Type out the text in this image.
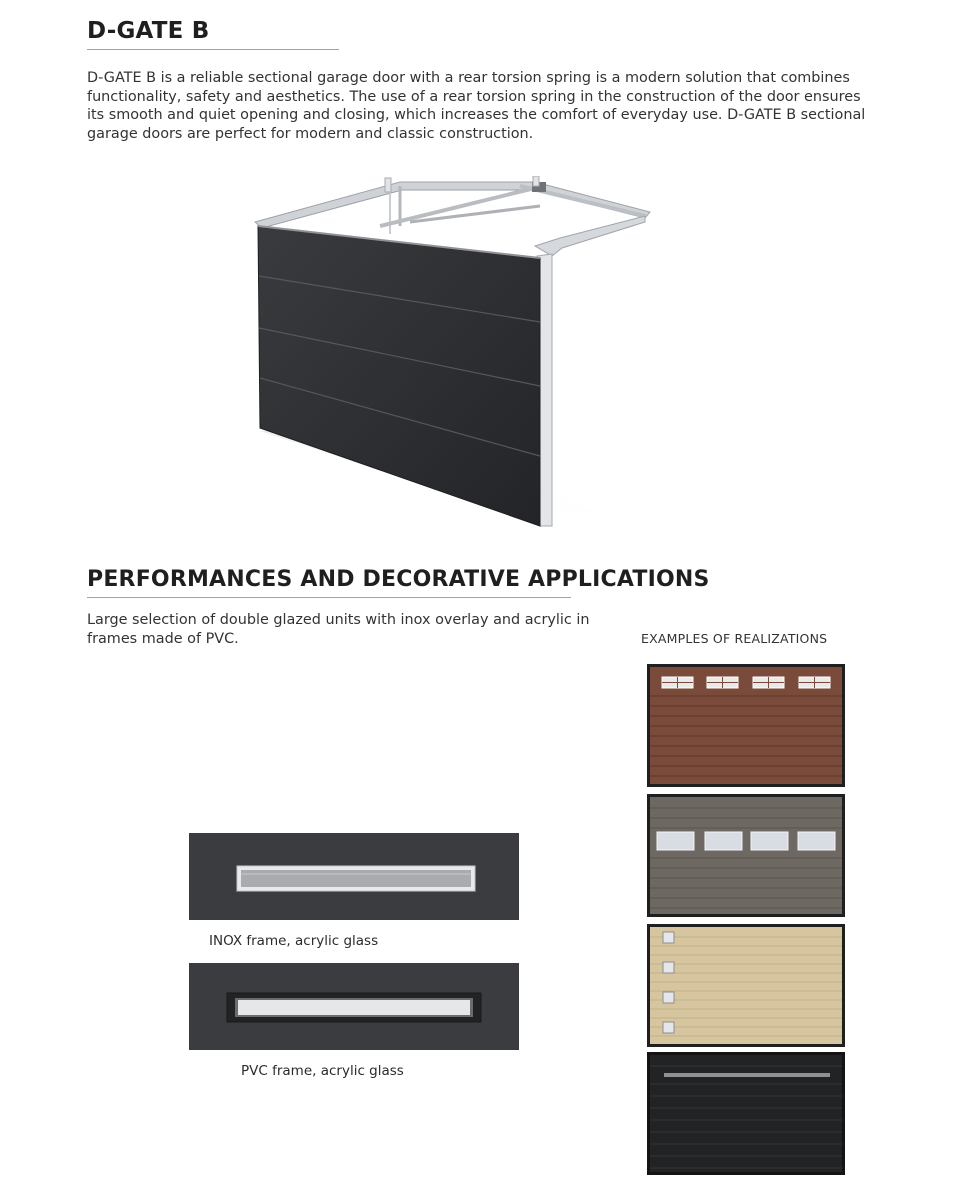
D-GATE B

D-GATE B is a reliable sectional garage door with a rear torsion spring is a modern solution that combines functionality, safety and aesthetics. The use of a rear torsion spring in the construction of the door ensures its smooth and quiet opening and closing, which increases the comfort of everyday use. D-GATE B sectional garage doors are perfect for modern and classic construction.

PERFORMANCES AND DECORATIVE APPLICATIONS

Large selection of double glazed units with inox overlay and acrylic in frames made of PVC.	EXAMPLES OF REALIZATIONS
INOX frame, acrylic glass
PVC frame, acrylic glass
